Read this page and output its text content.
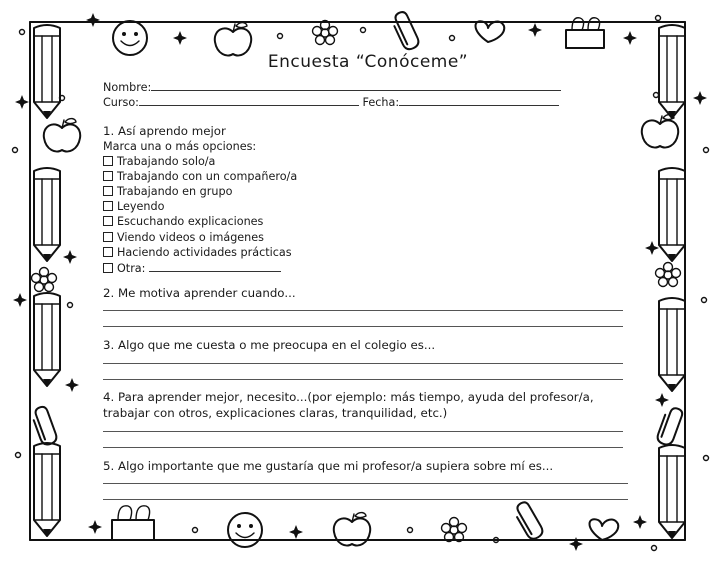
Encuesta “Conóceme”
Nombre:
Curso:	Fecha:
1. Así aprendo mejor
Marca una o más opciones:
Trabajando solo/a
Trabajando con un compañero/a
Trabajando en grupo
Leyendo
Escuchando explicaciones
Viendo videos o imágenes
Haciendo actividades prácticas
Otra:
2. Me motiva aprender cuando...
3. Algo que me cuesta o me preocupa en el colegio es...
4. Para aprender mejor, necesito...(por ejemplo: más tiempo, ayuda del profesor/a,
trabajar con otros, explicaciones claras, tranquilidad, etc.)
5. Algo importante que me gustaría que mi profesor/a supiera sobre mí es...
